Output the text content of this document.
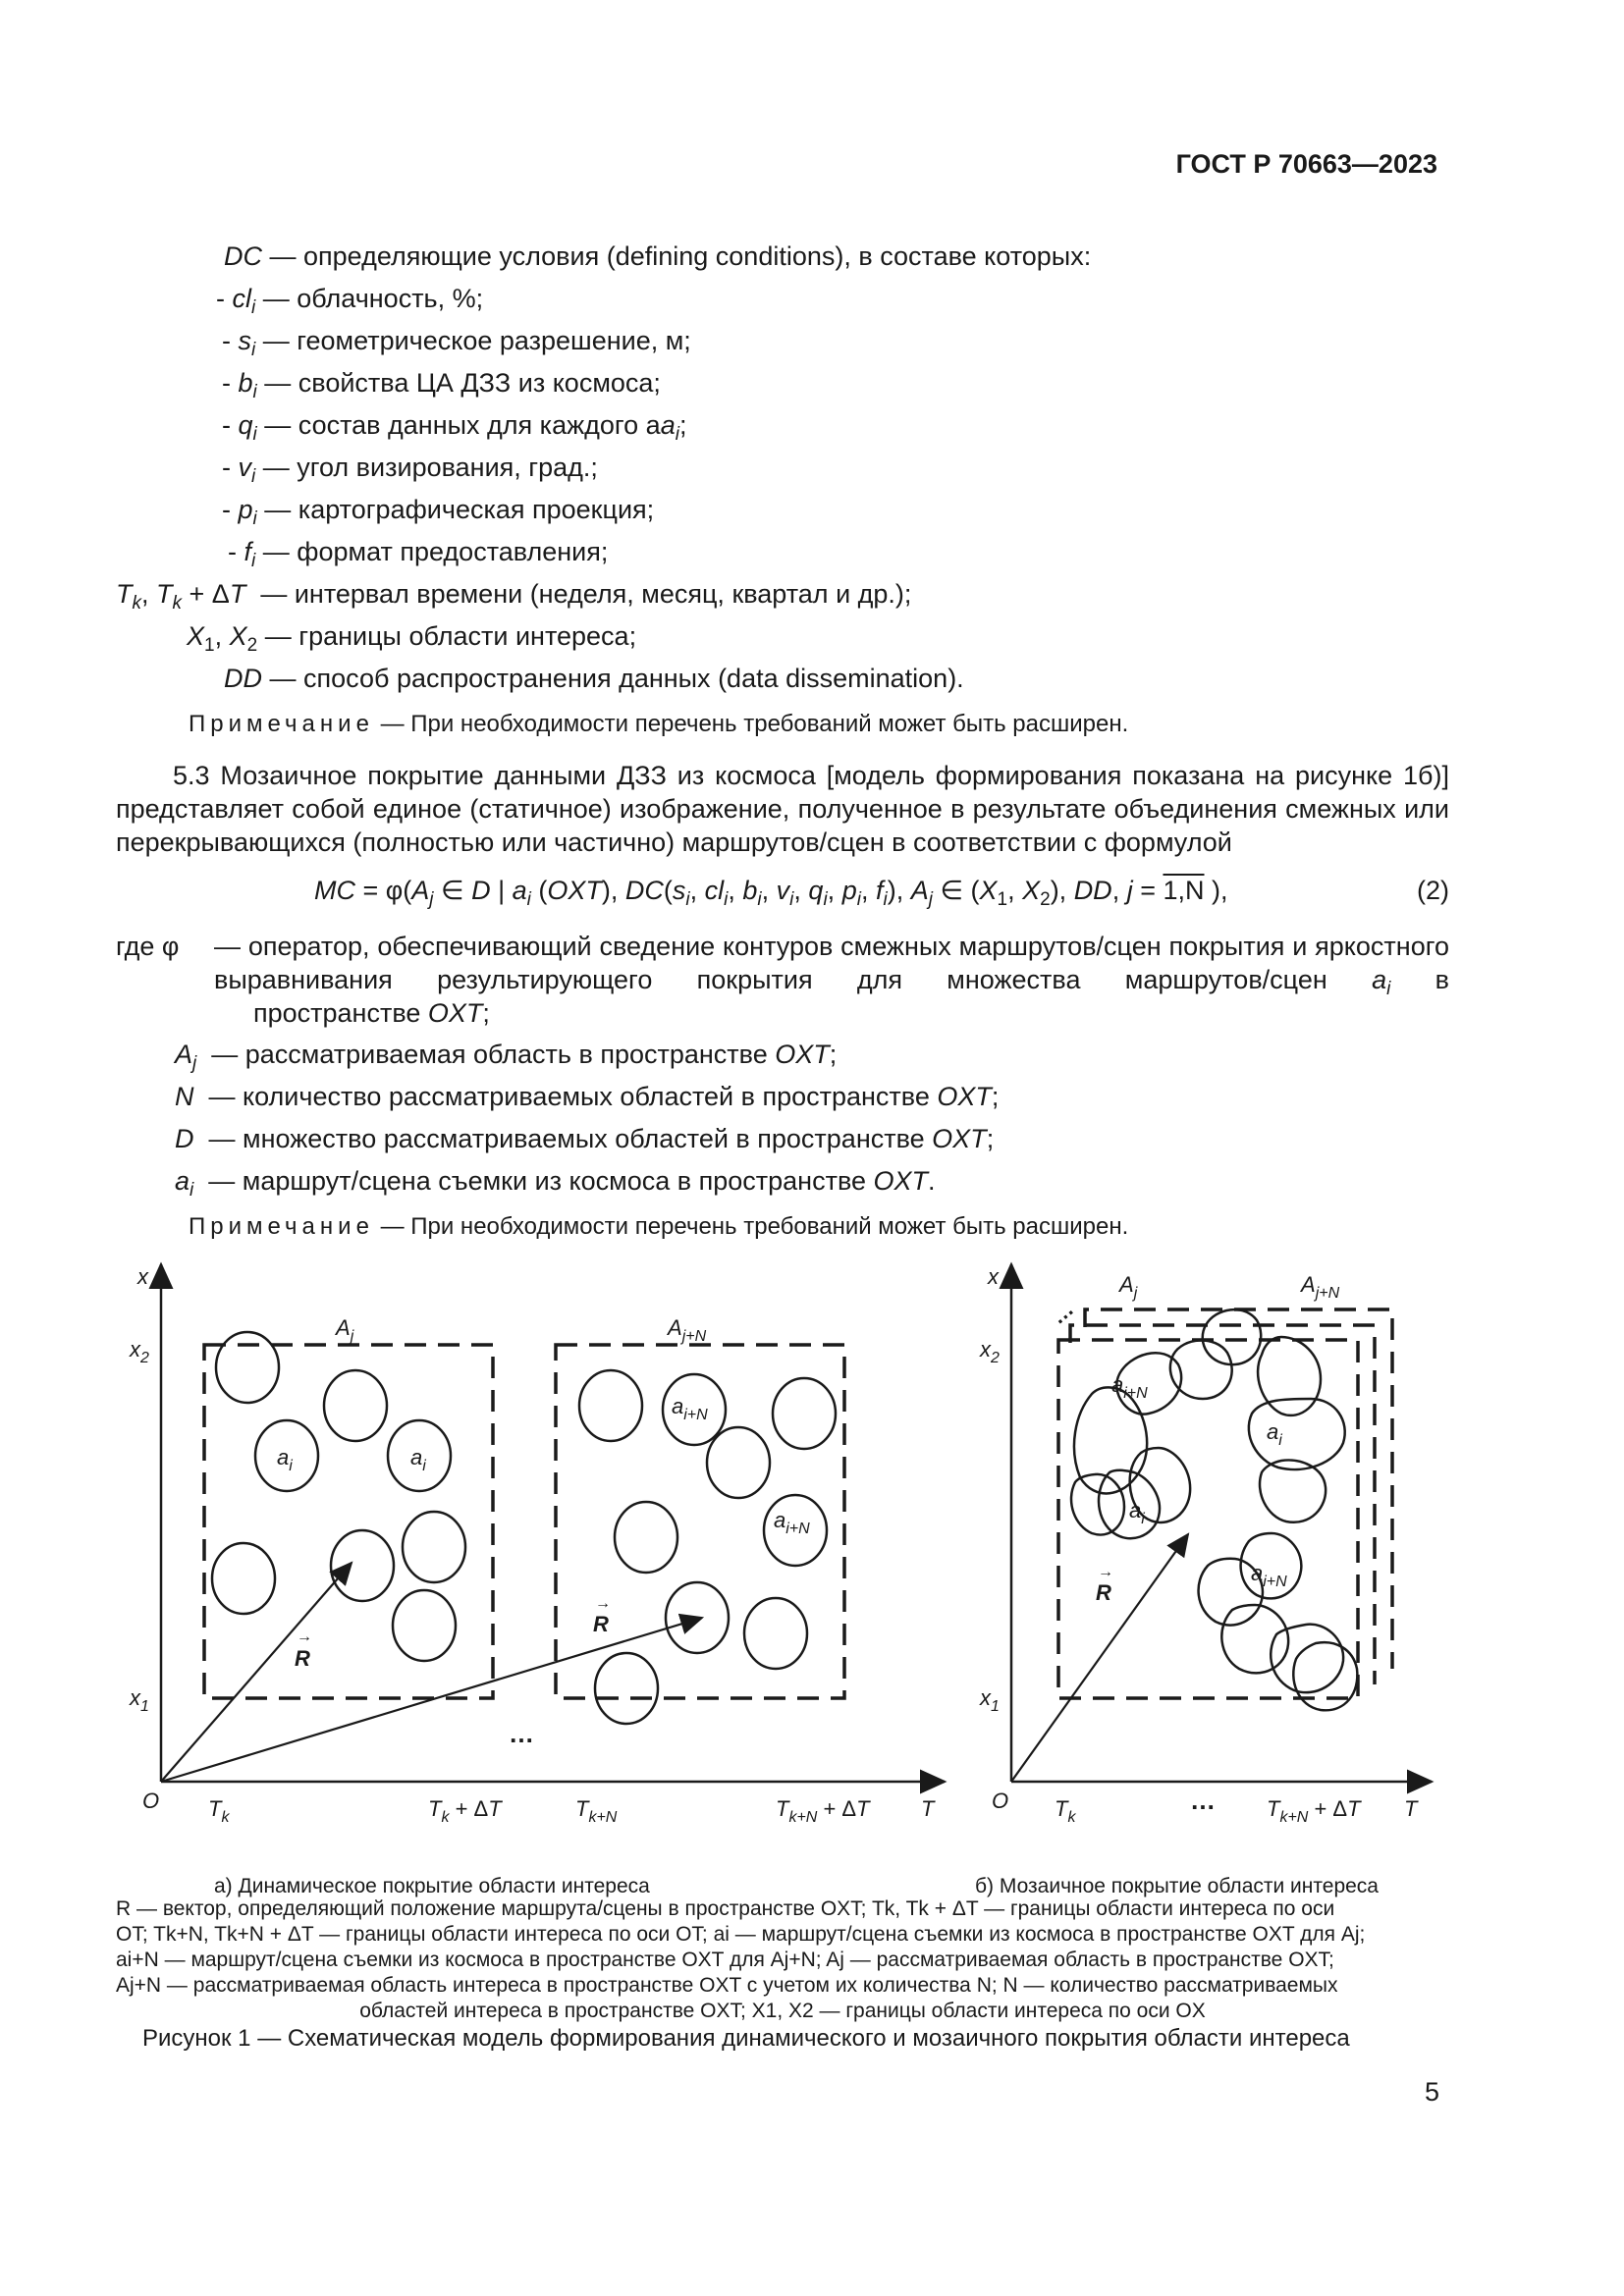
ГОСТ Р 70663—2023
DC — определяющие условия (defining conditions), в составе которых:
- $cl_i$ — облачность, %;
- $s_i$ — геометрическое разрешение, м;
- $b_i$ — свойства ЦА ДЗЗ из космоса;
- $q_i$ — состав данных для каждого $aa_i$;
- $v_i$ — угол визирования, град.;
- $p_i$ — картографическая проекция;
- $f_i$ — формат предоставления;
$T_k$, $T_k + \Delta T$ — интервал времени (неделя, месяц, квартал и др.);
$X_1$, $X_2$ — границы области интереса;
DD — способ распространения данных (data dissemination).
Примечание — При необходимости перечень требований может быть расширен.
5.3 Мозаичное покрытие данными ДЗЗ из космоса [модель формирования показана на рисунке 1б)] представляет собой единое (статичное) изображение, полученное в результате объединения смежных или перекрывающихся (полностью или частично) маршрутов/сцен в соответствии с формулой
MC = $\varphi(A_j$ ∈ D | $a_i$ (OXT), $DC(s_i$, $cl_i$, $b_i$, $v_i$, $q_i$, $p_i$, $f_i$), $A_j$ ∈ ($X_1$, $X_2$), DD, j = 1,N ),	(2)
где φ — оператор, обеспечивающий сведение контуров смежных маршрутов/сцен покрытия и яркостного выравнивания результирующего покрытия для множества маршрутов/сцен $a_i$ в
пространстве OXT;
$A_j$ — рассматриваемая область в пространстве OXT;
N — количество рассматриваемых областей в пространстве OXT;
D — множество рассматриваемых областей в пространстве OXT;
$a_i$ — маршрут/сцена съемки из космоса в пространстве OXT.
Примечание — При необходимости перечень требований может быть расширен.
x
$x_2$
$x_1$
O
$A_j$	$A_{j+N}$
$a_i$	$a_i$
$a_{i+N}$
$a_{i+N}$
R
→
R
→
$T_k$	$T_k + \Delta T$	$T_{k+N}$	$T_{k+N} + \Delta T$ T
…
x
$x_2$
$x_1$
O
$A_j$	$A_{j+N}$
…
$a_{i+N}$
$a_i$
$a_i$
$a_{i+N}$
R
→
$T_k$	$T_{k+N} + \Delta T$ T
…
а) Динамическое покрытие области интереса	б) Мозаичное покрытие области интереса
R — вектор, определяющий положение маршрута/сцены в пространстве OXT; Tk, Tk + ΔT — границы области интереса по оси
OT; Tk+N, Tk+N + ΔT — границы области интереса по оси OT; ai — маршрут/сцена съемки из космоса в пространстве OXT для Aj;
ai+N — маршрут/сцена съемки из космоса в пространстве OXT для Aj+N; Aj — рассматриваемая область в пространстве OXT;
Aj+N — рассматриваемая область интереса в пространстве OXT с учетом их количества N; N — количество рассматриваемых
областей интереса в пространстве OXT; X1, X2 — границы области интереса по оси OX
Рисунок 1 — Схематическая модель формирования динамического и мозаичного покрытия области интереса
5
